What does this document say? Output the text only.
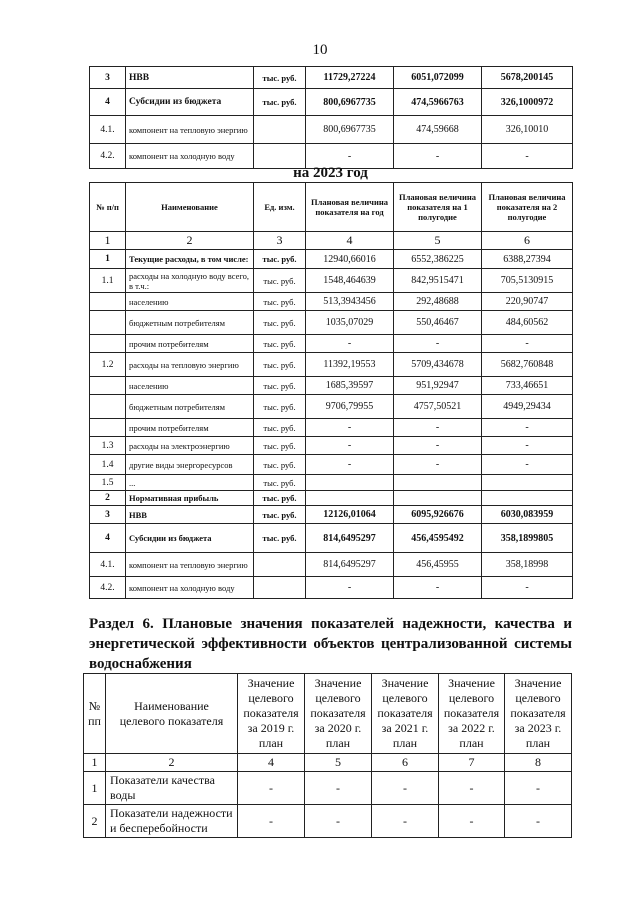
10
3	НВВ	тыс. руб.	11729,27224	6051,072099	5678,200145
4	Субсидии из бюджета	тыс. руб.	800,6967735	474,5966763	326,1000972
4.1.	компонент на тепловую энергию		800,6967735	474,59668	326,10010
4.2.	компонент на холодную воду		-	-	-
на 2023 год
№ п/п	Наименование	Ед. изм.	Плановая величина показателя на год	Плановая величина показателя на 1 полугодие	Плановая величина показателя на 2 полугодие
1	2	3	4	5	6
1	Текущие расходы, в том числе:	тыс. руб.	12940,66016	6552,386225	6388,27394
1.1	расходы на холодную воду всего, в т.ч.:	тыс. руб.	1548,464639	842,9515471	705,5130915
	населению	тыс. руб.	513,3943456	292,48688	220,90747
	бюджетным потребителям	тыс. руб.	1035,07029	550,46467	484,60562
	прочим потребителям	тыс. руб.	-	-	-
1.2	расходы на тепловую энергию	тыс. руб.	11392,19553	5709,434678	5682,760848
	населению	тыс. руб.	1685,39597	951,92947	733,46651
	бюджетным потребителям	тыс. руб.	9706,79955	4757,50521	4949,29434
	прочим потребителям	тыс. руб.	-	-	-
1.3	расходы на электроэнергию	тыс. руб.	-	-	-
1.4	другие виды энергоресурсов	тыс. руб.	-	-	-
1.5	...	тыс. руб.			
2	Нормативная прибыль	тыс. руб.			
3	НВВ	тыс. руб.	12126,01064	6095,926676	6030,083959
4	Субсидии из бюджета	тыс. руб.	814,6495297	456,4595492	358,1899805
4.1.	компонент на тепловую энергию		814,6495297	456,45955	358,18998
4.2.	компонент на холодную воду		-	-	-
Раздел 6. Плановые значения показателей надежности, качества и энергетической эффективности объектов централизованной системы водоснабжения
№ пп	Наименование целевого показателя	Значение целевого показателя за 2019 г. план	Значение целевого показателя за 2020 г. план	Значение целевого показателя за 2021 г. план	Значение целевого показателя за 2022 г. план	Значение целевого показателя за 2023 г. план
1	2	4	5	6	7	8
1	Показатели качества воды	-	-	-	-	-
2	Показатели надежности и бесперебойности	-	-	-	-	-
